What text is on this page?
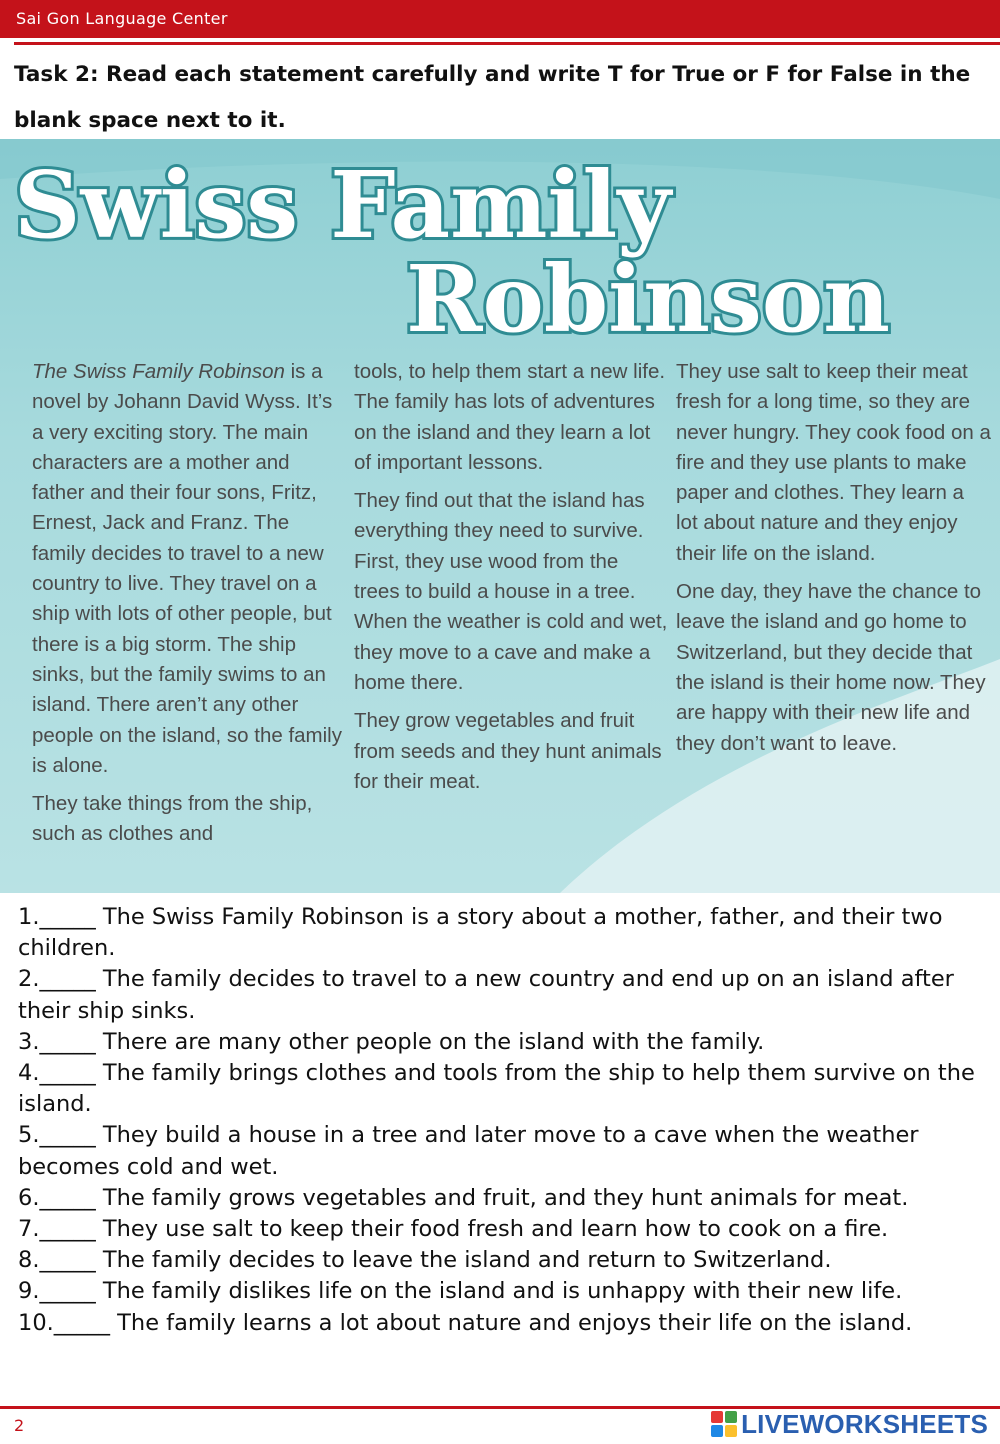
Sai Gon Language Center
Task 2: Read each statement carefully and write T for True or F for False in the blank space next to it.
Swiss Family
Robinson

The Swiss Family Robinson is a novel by Johann David Wyss. It’s a very exciting story. The main characters are a mother and father and their four sons, Fritz, Ernest, Jack and Franz. The family decides to travel to a new country to live. They travel on a ship with lots of other people, but there is a big storm. The ship sinks, but the family swims to an island. There aren’t any other people on the island, so the family is alone.

They take things from the ship, such as clothes and

tools, to help them start a new life. The family has lots of adventures on the island and they learn a lot of important lessons.

They find out that the island has everything they need to survive. First, they use wood from the trees to build a house in a tree. When the weather is cold and wet, they move to a cave and make a home there.

They grow vegetables and fruit from seeds and they hunt animals for their meat.

They use salt to keep their meat fresh for a long time, so they are never hungry. They cook food on a fire and they use plants to make paper and clothes. They learn a lot about nature and they enjoy their life on the island.

One day, they have the chance to leave the island and go home to Switzerland, but they decide that the island is their home now. They are happy with their new life and they don’t want to leave.

1._____ The Swiss Family Robinson is a story about a mother, father, and their two children.
2._____ The family decides to travel to a new country and end up on an island after their ship sinks.
3._____ There are many other people on the island with the family.
4._____ The family brings clothes and tools from the ship to help them survive on the island.
5._____ They build a house in a tree and later move to a cave when the weather becomes cold and wet.
6._____ The family grows vegetables and fruit, and they hunt animals for meat.
7._____ They use salt to keep their food fresh and learn how to cook on a fire.
8._____ The family decides to leave the island and return to Switzerland.
9._____ The family dislikes life on the island and is unhappy with their new life.
10._____ The family learns a lot about nature and enjoys their life on the island.
2	LIVEWORKSHEETS
